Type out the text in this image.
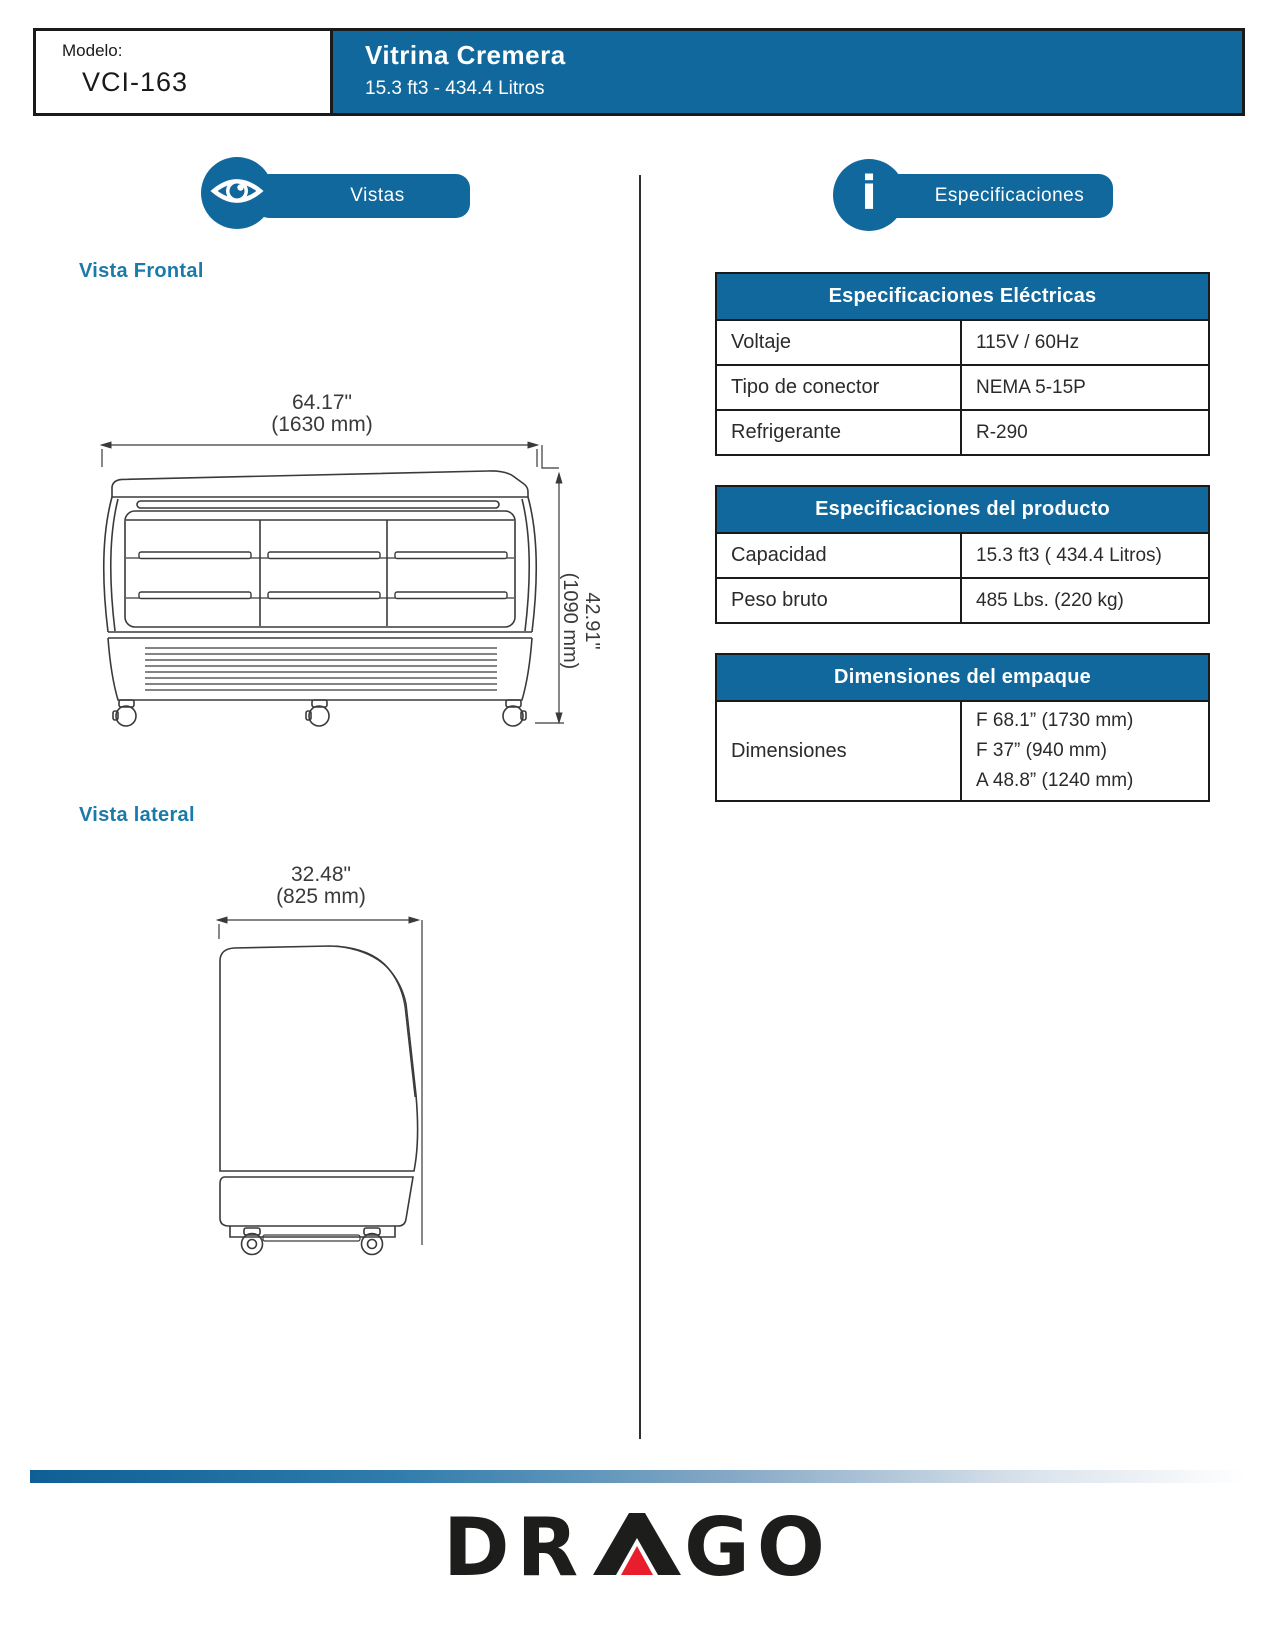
Modelo:
VCI-163
Vitrina Cremera
15.3 ft3 - 434.4 Litros
Vistas
Vista Frontal
64.17"
(1630 mm)
42.91"
(1090 mm)
Vista lateral
32.48"
(825 mm)
Especificaciones
i
Especificaciones Eléctricas
Voltaje	115V / 60Hz
Tipo de conector	NEMA 5-15P
Refrigerante	R-290
Especificaciones del producto
Capacidad	15.3 ft3 ( 434.4 Litros)
Peso bruto	485 Lbs. (220 kg)
Dimensiones del empaque
Dimensiones
F 68.1” (1730 mm)
F 37” (940 mm)
A 48.8” (1240 mm)
DR GO
